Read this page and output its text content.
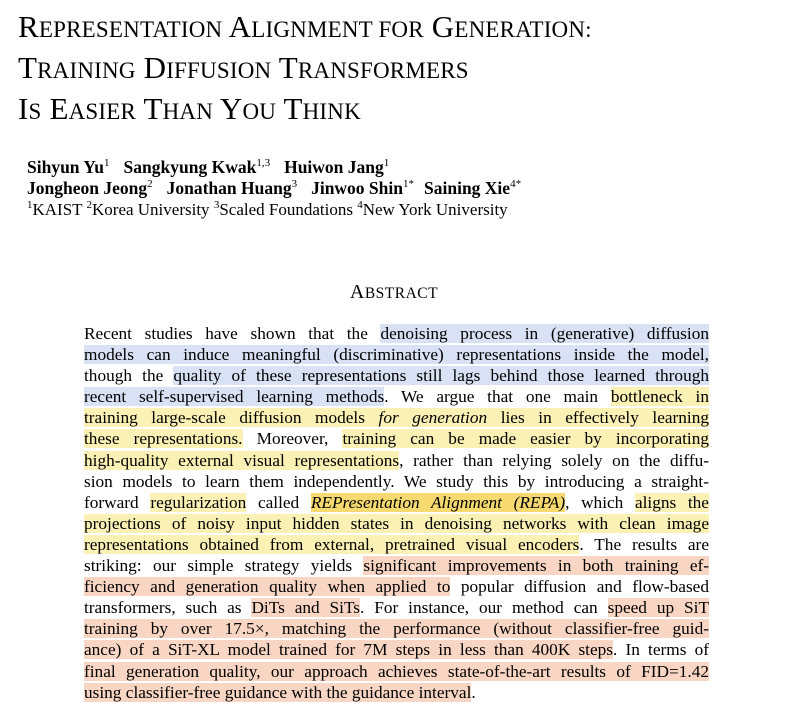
REPRESENTATION ALIGNMENT FOR GENERATION:
TRAINING DIFFUSION TRANSFORMERS
IS EASIER THAN YOU THINK
Sihyun Yu$^1$ Sangkyung Kwak$^{1,3}$ Huiwon Jang$^1$
Jongheon Jeong$^2$ Jonathan Huang$^3$ Jinwoo Shin$^{1*}$ Saining Xie$^{4*}$
$^1$KAIST $^2$Korea University $^3$Scaled Foundations $^4$New York University
ABSTRACT
Recent studies have shown that the denoising process in (generative) diffusion
models can induce meaningful (discriminative) representations inside the model,
though the quality of these representations still lags behind those learned through
recent self-supervised learning methods. We argue that one main bottleneck in
training large-scale diffusion models for generation lies in effectively learning
these representations. Moreover, training can be made easier by incorporating
high-quality external visual representations, rather than relying solely on the diffu-
sion models to learn them independently. We study this by introducing a straight-
forward regularization called REPresentation Alignment (REPA), which aligns the
projections of noisy input hidden states in denoising networks with clean image
representations obtained from external, pretrained visual encoders. The results are
striking: our simple strategy yields significant improvements in both training ef-
ficiency and generation quality when applied to popular diffusion and flow-based
transformers, such as DiTs and SiTs. For instance, our method can speed up SiT
training by over 17.5×, matching the performance (without classifier-free guid-
ance) of a SiT-XL model trained for 7M steps in less than 400K steps. In terms of
final generation quality, our approach achieves state-of-the-art results of FID=1.42
using classifier-free guidance with the guidance interval.
